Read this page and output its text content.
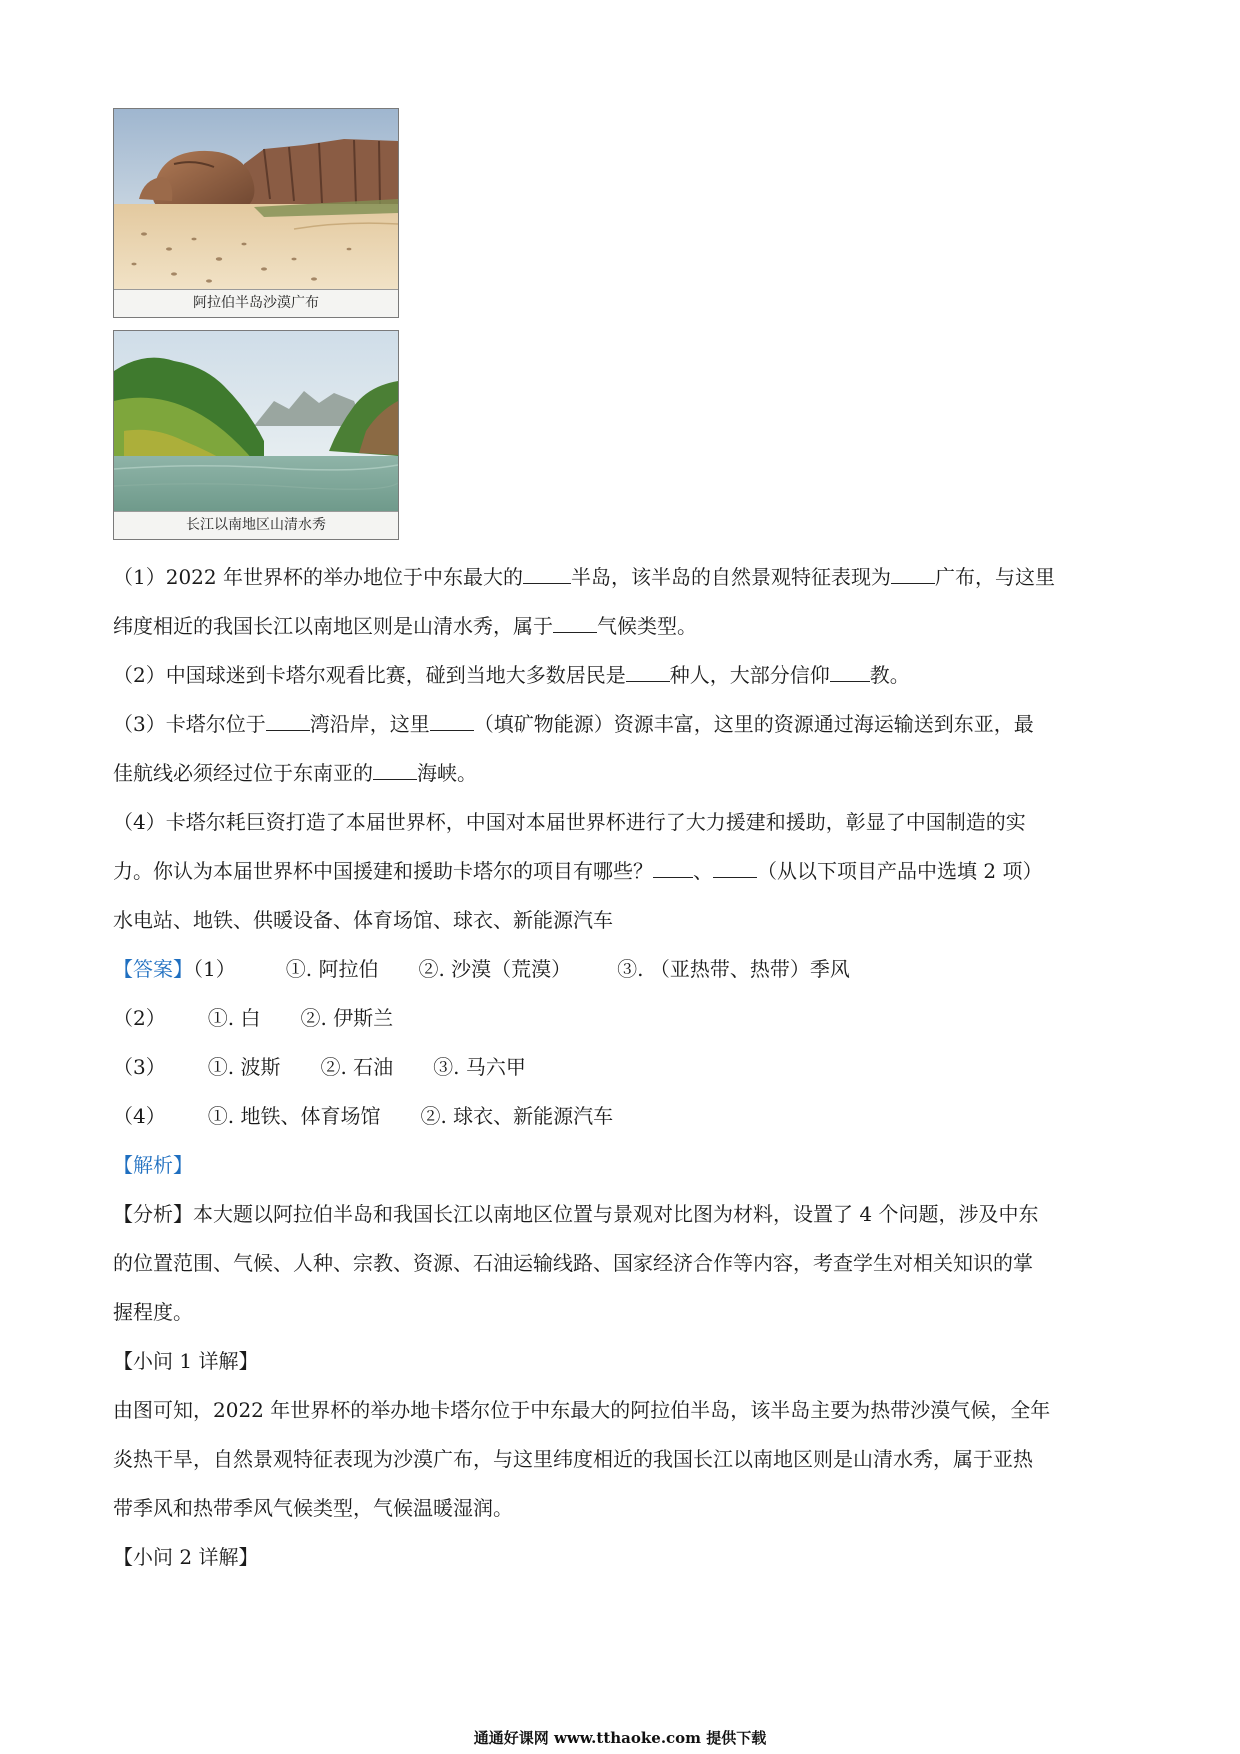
阿拉伯半岛沙漠广布
长江以南地区山清水秀
（1）2022 年世界杯的举办地位于中东最大的 半岛，该半岛的自然景观特征表现为 广布，与这里
纬度相近的我国长江以南地区则是山清水秀，属于 气候类型。
（2）中国球迷到卡塔尔观看比赛，碰到当地大多数居民是 种人，大部分信仰 教。
（3）卡塔尔位于 湾沿岸，这里 （填矿物能源）资源丰富，这里的资源通过海运输送到东亚，最
佳航线必须经过位于东南亚的 海峡。
（4）卡塔尔耗巨资打造了本届世界杯，中国对本届世界杯进行了大力援建和援助，彰显了中国制造的实
力。你认为本届世界杯中国援建和援助卡塔尔的项目有哪些？ 、 （从以下项目产品中选填 2 项）
水电站、地铁、供暖设备、体育场馆、球衣、新能源汽车
【答案】（1）	①. 阿拉伯 ②. 沙漠（荒漠） ③. （亚热带、热带）季风
（2） ①. 白 ②. 伊斯兰
（3） ①. 波斯 ②. 石油 ③. 马六甲
（4） ①. 地铁、体育场馆 ②. 球衣、新能源汽车
【解析】
【分析】本大题以阿拉伯半岛和我国长江以南地区位置与景观对比图为材料，设置了 4 个问题，涉及中东
的位置范围、气候、人种、宗教、资源、石油运输线路、国家经济合作等内容，考查学生对相关知识的掌
握程度。
【小问 1 详解】
由图可知，2022 年世界杯的举办地卡塔尔位于中东最大的阿拉伯半岛，该半岛主要为热带沙漠气候，全年
炎热干旱，自然景观特征表现为沙漠广布，与这里纬度相近的我国长江以南地区则是山清水秀，属于亚热
带季风和热带季风气候类型，气候温暖湿润。
【小问 2 详解】
通通好课网 www.tthaoke.com 提供下载
